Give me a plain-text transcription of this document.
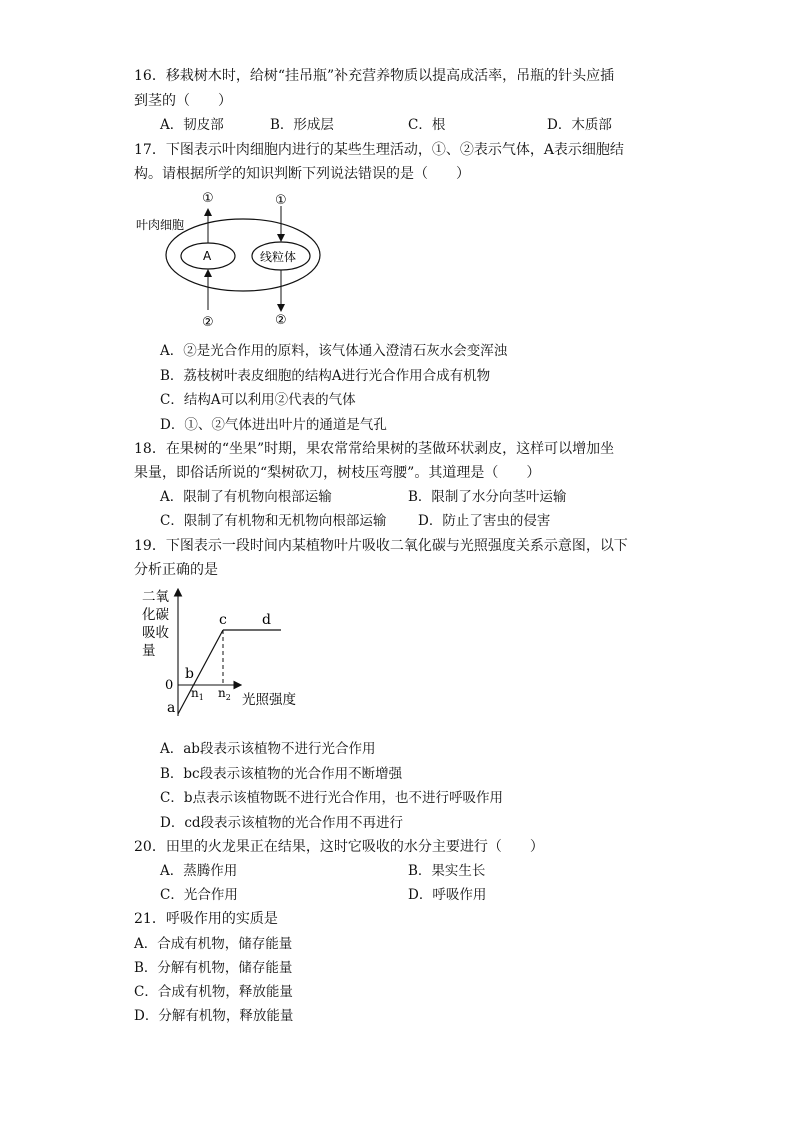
16．移栽树木时，给树“挂吊瓶”补充营养物质以提高成活率，吊瓶的针头应插
到茎的（　　）
A．韧皮部	B．形成层	C．根	D．木质部
17．下图表示叶肉细胞内进行的某些生理活动，①、②表示气体，A表示细胞结
构。请根据所学的知识判断下列说法错误的是（　　）
叶肉细胞
A	线粒体
①	①
②	②
A．②是光合作用的原料，该气体通入澄清石灰水会变浑浊
B．荔枝树叶表皮细胞的结构A进行光合作用合成有机物
C．结构A可以利用②代表的气体
D．①、②气体进出叶片的通道是气孔
18．在果树的“坐果”时期，果农常常给果树的茎做环状剥皮，这样可以增加坐
果量，即俗话所说的“梨树砍刀，树枝压弯腰”。其道理是（　　）
A．限制了有机物向根部运输	B．限制了水分向茎叶运输
C．限制了有机物和无机物向根部运输 D．防止了害虫的侵害
19．下图表示一段时间内某植物叶片吸收二氧化碳与光照强度关系示意图，以下
分析正确的是
二氧
化碳
吸收
量
0
a
b
c	d
$n_1$ $n_2$ 光照强度
A．ab段表示该植物不进行光合作用
B．bc段表示该植物的光合作用不断增强
C．b点表示该植物既不进行光合作用，也不进行呼吸作用
D．cd段表示该植物的光合作用不再进行
20．田里的火龙果正在结果，这时它吸收的水分主要进行（　　）
A．蒸腾作用	B．果实生长
C．光合作用	D．呼吸作用
21．呼吸作用的实质是
A．合成有机物，储存能量
B．分解有机物，储存能量
C．合成有机物，释放能量
D．分解有机物，释放能量
